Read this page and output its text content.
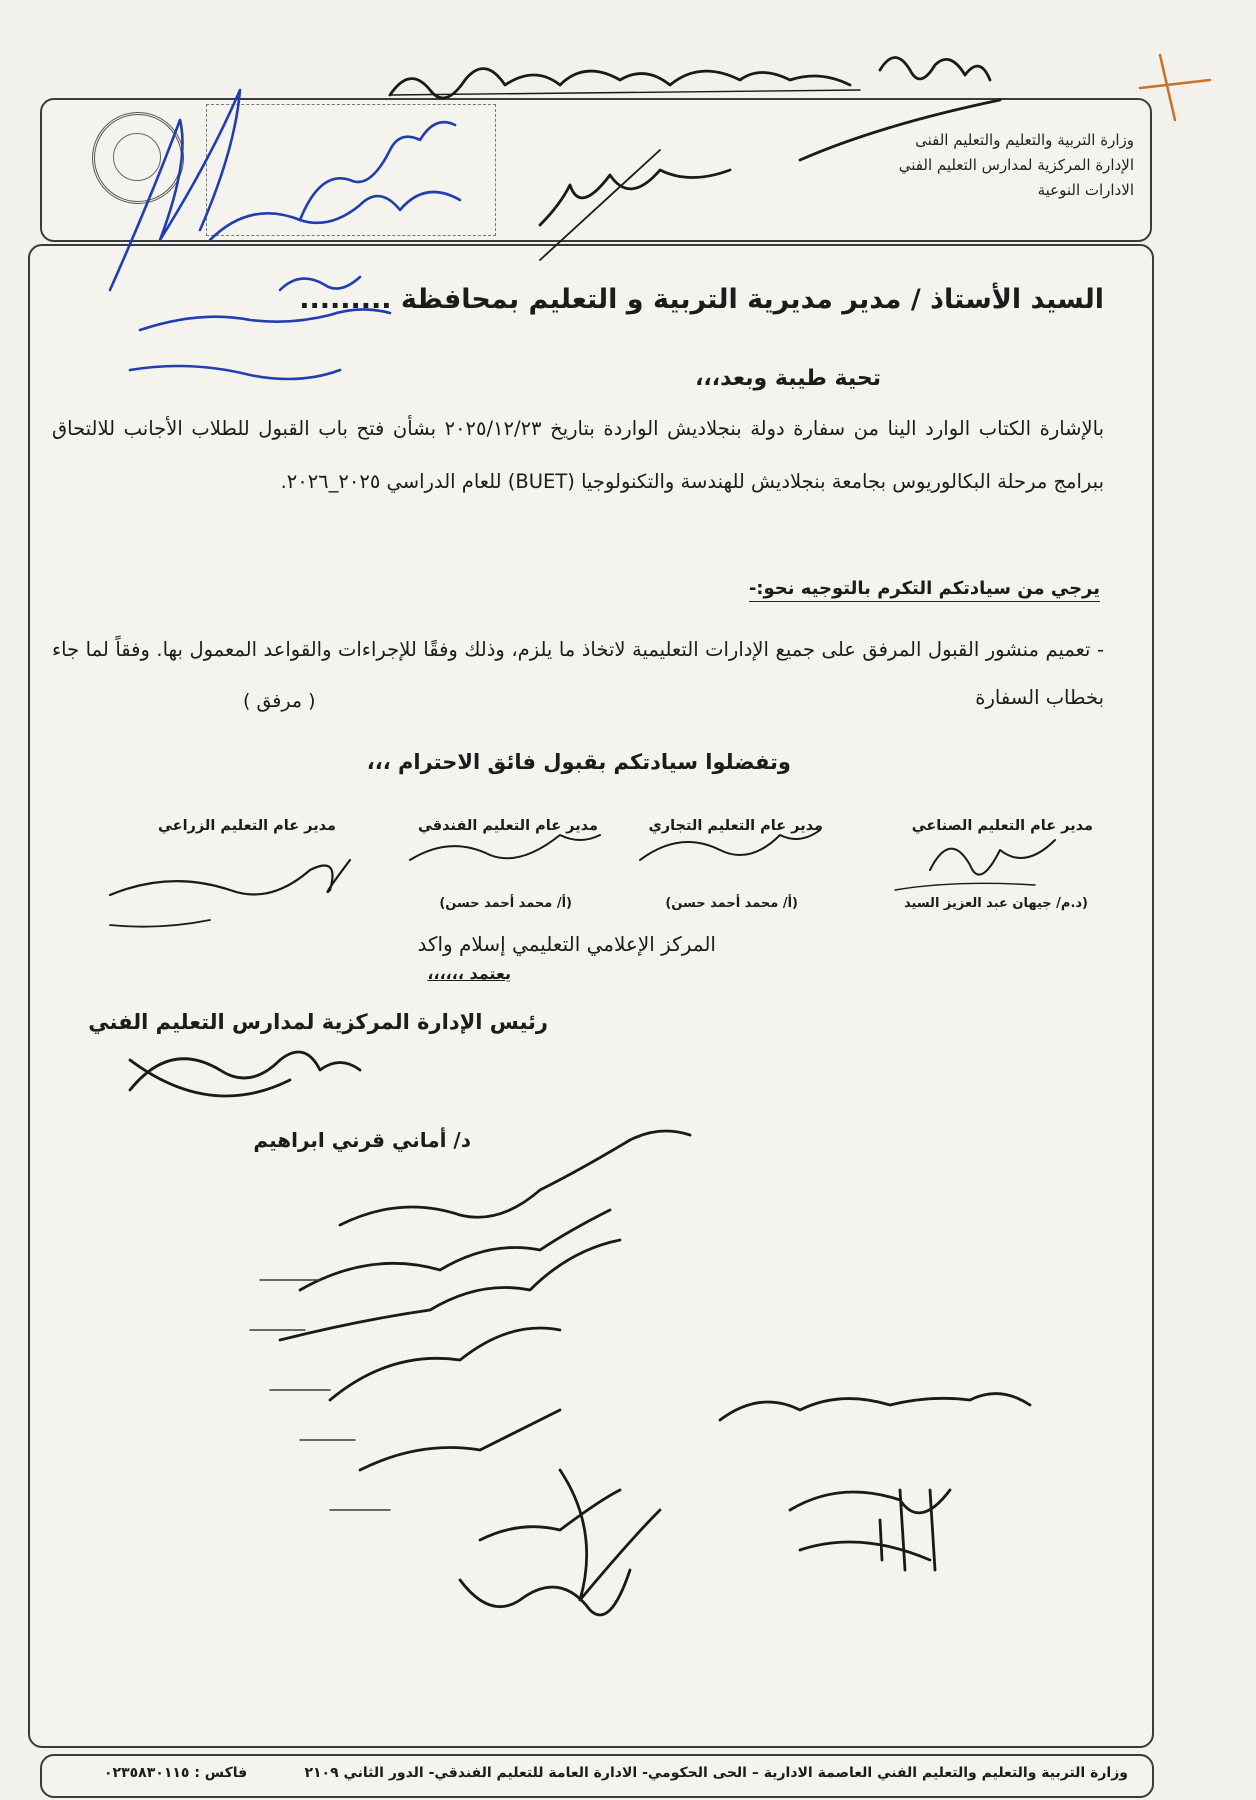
وزارة التربية والتعليم والتعليم الفنى
الإدارة المركزية لمدارس التعليم الفني
الادارات النوعية
السيد الأستاذ / مدير مديرية التربية و التعليم بمحافظة .........
تحية طيبة وبعد،،،
بالإشارة الكتاب الوارد الينا من سفارة دولة بنجلاديش الواردة بتاريخ ٢٠٢٥/١٢/٢٣ بشأن فتح باب القبول للطلاب الأجانب للالتحاق ببرامج مرحلة البكالوريوس بجامعة بنجلاديش للهندسة والتكنولوجيا (BUET) للعام الدراسي ٢٠٢٥_٢٠٢٦.
يرجي من سيادتكم التكرم بالتوجيه نحو:-
- تعميم منشور القبول المرفق على جميع الإدارات التعليمية لاتخاذ ما يلزم، وذلك وفقًا للإجراءات والقواعد المعمول بها. وفقاً لما جاء بخطاب السفارة
( مرفق )
وتفضلوا سيادتكم بقبول فائق الاحترام ،،،
مدير عام التعليم الصناعي
(د.م/ جيهان عبد العزيز السيد
مدير عام التعليم التجاري
(أ/ محمد أحمد حسن)
مدير عام التعليم الفندقي
(أ/ محمد أحمد حسن)
مدير عام التعليم الزراعي
المركز الإعلامي التعليمي إسلام واكد
يعتمد ،،،،،،
رئيس الإدارة المركزية لمدارس التعليم الفني
د/ أماني قرني ابراهيم
وزارة التربية والتعليم والتعليم الفني العاصمة الادارية – الحى الحكومي- الادارة العامة للتعليم الفندقي- الدور الثاني ٢١٠٩
فاكس : ٠٢٣٥٨٣٠١١٥
